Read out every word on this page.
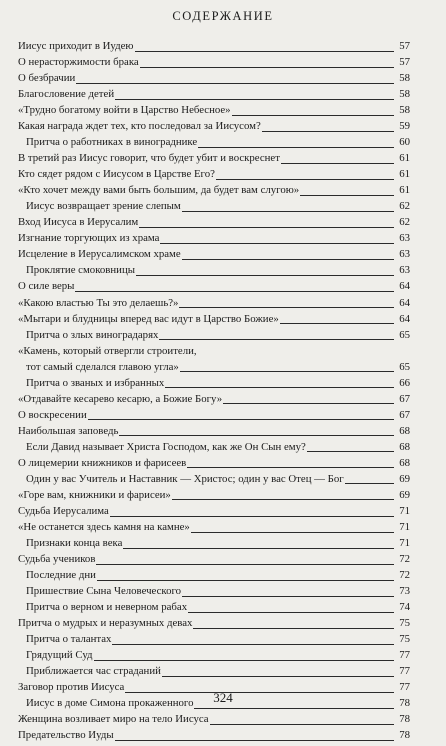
СОДЕРЖАНИЕ
Иисус приходит в Иудею	57
О нерасторжимости брака	57
О безбрачии	58
Благословение детей	58
«Трудно богатому войти в Царство Небесное»	58
Какая награда ждет тех, кто последовал за Иисусом?	59
Притча о работниках в винограднике	60
В третий раз Иисус говорит, что будет убит и воскреснет	61
Кто сядет рядом с Иисусом в Царстве Его?	61
«Кто хочет между вами быть большим, да будет вам слугою»	61
Иисус возвращает зрение слепым	62
Вход Иисуса в Иерусалим	62
Изгнание торгующих из храма	63
Исцеление в Иерусалимском храме	63
Проклятие смоковницы	63
О силе веры	64
«Какою властью Ты это делаешь?»	64
«Мытари и блудницы вперед вас идут в Царство Божие»	64
Притча о злых виноградарях	65
«Камень, который отвергли строители,
тот самый сделался главою угла»	65
Притча о званых и избранных	66
«Отдавайте кесарево кесарю, а Божие Богу»	67
О воскресении	67
Наибольшая заповедь	68
Если Давид называет Христа Господом, как же Он Сын ему?	68
О лицемерии книжников и фарисеев	68
Один у вас Учитель и Наставник — Христос; один у вас Отец — Бог	69
«Горе вам, книжники и фарисеи»	69
Судьба Иерусалима	71
«Не останется здесь камня на камне»	71
Признаки конца века	71
Судьба учеников	72
Последние дни	72
Пришествие Сына Человеческого	73
Притча о верном и неверном рабах	74
Притча о мудрых и неразумных девах	75
Притча о талантах	75
Грядущий Суд	77
Приближается час страданий	77
Заговор против Иисуса	77
Иисус в доме Симона прокаженного	78
Женщина возливает миро на тело Иисуса	78
Предательство Иуды	78
324
